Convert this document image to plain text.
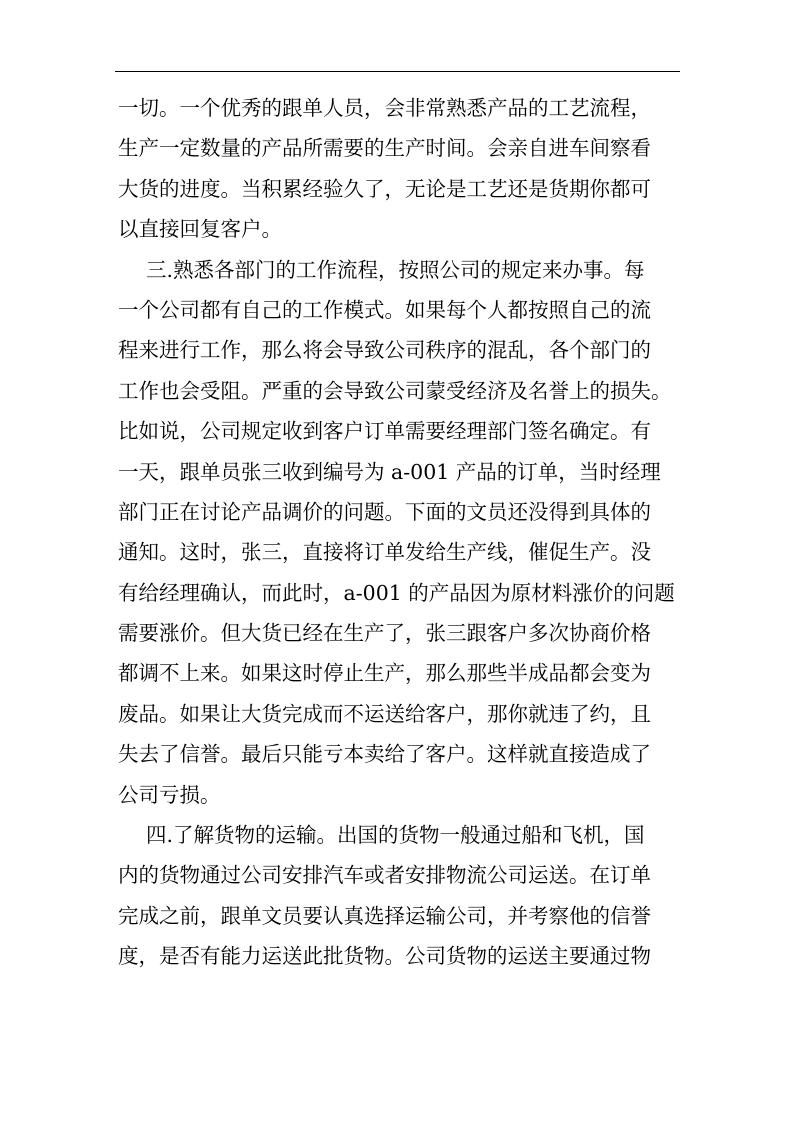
一切。一个优秀的跟单人员，会非常熟悉产品的工艺流程，
生产一定数量的产品所需要的生产时间。会亲自进车间察看
大货的进度。当积累经验久了，无论是工艺还是货期你都可
以直接回复客户。
三.熟悉各部门的工作流程，按照公司的规定来办事。每
一个公司都有自己的工作模式。如果每个人都按照自己的流
程来进行工作，那么将会导致公司秩序的混乱，各个部门的
工作也会受阻。严重的会导致公司蒙受经济及名誉上的损失。
比如说，公司规定收到客户订单需要经理部门签名确定。有
一天，跟单员张三收到编号为 a-001 产品的订单，当时经理
部门正在讨论产品调价的问题。下面的文员还没得到具体的
通知。这时，张三，直接将订单发给生产线，催促生产。没
有给经理确认，而此时，a-001 的产品因为原材料涨价的问题
需要涨价。但大货已经在生产了，张三跟客户多次协商价格
都调不上来。如果这时停止生产，那么那些半成品都会变为
废品。如果让大货完成而不运送给客户，那你就违了约，且
失去了信誉。最后只能亏本卖给了客户。这样就直接造成了
公司亏损。
四.了解货物的运输。出国的货物一般通过船和飞机，国
内的货物通过公司安排汽车或者安排物流公司运送。在订单
完成之前，跟单文员要认真选择运输公司，并考察他的信誉
度，是否有能力运送此批货物。公司货物的运送主要通过物
